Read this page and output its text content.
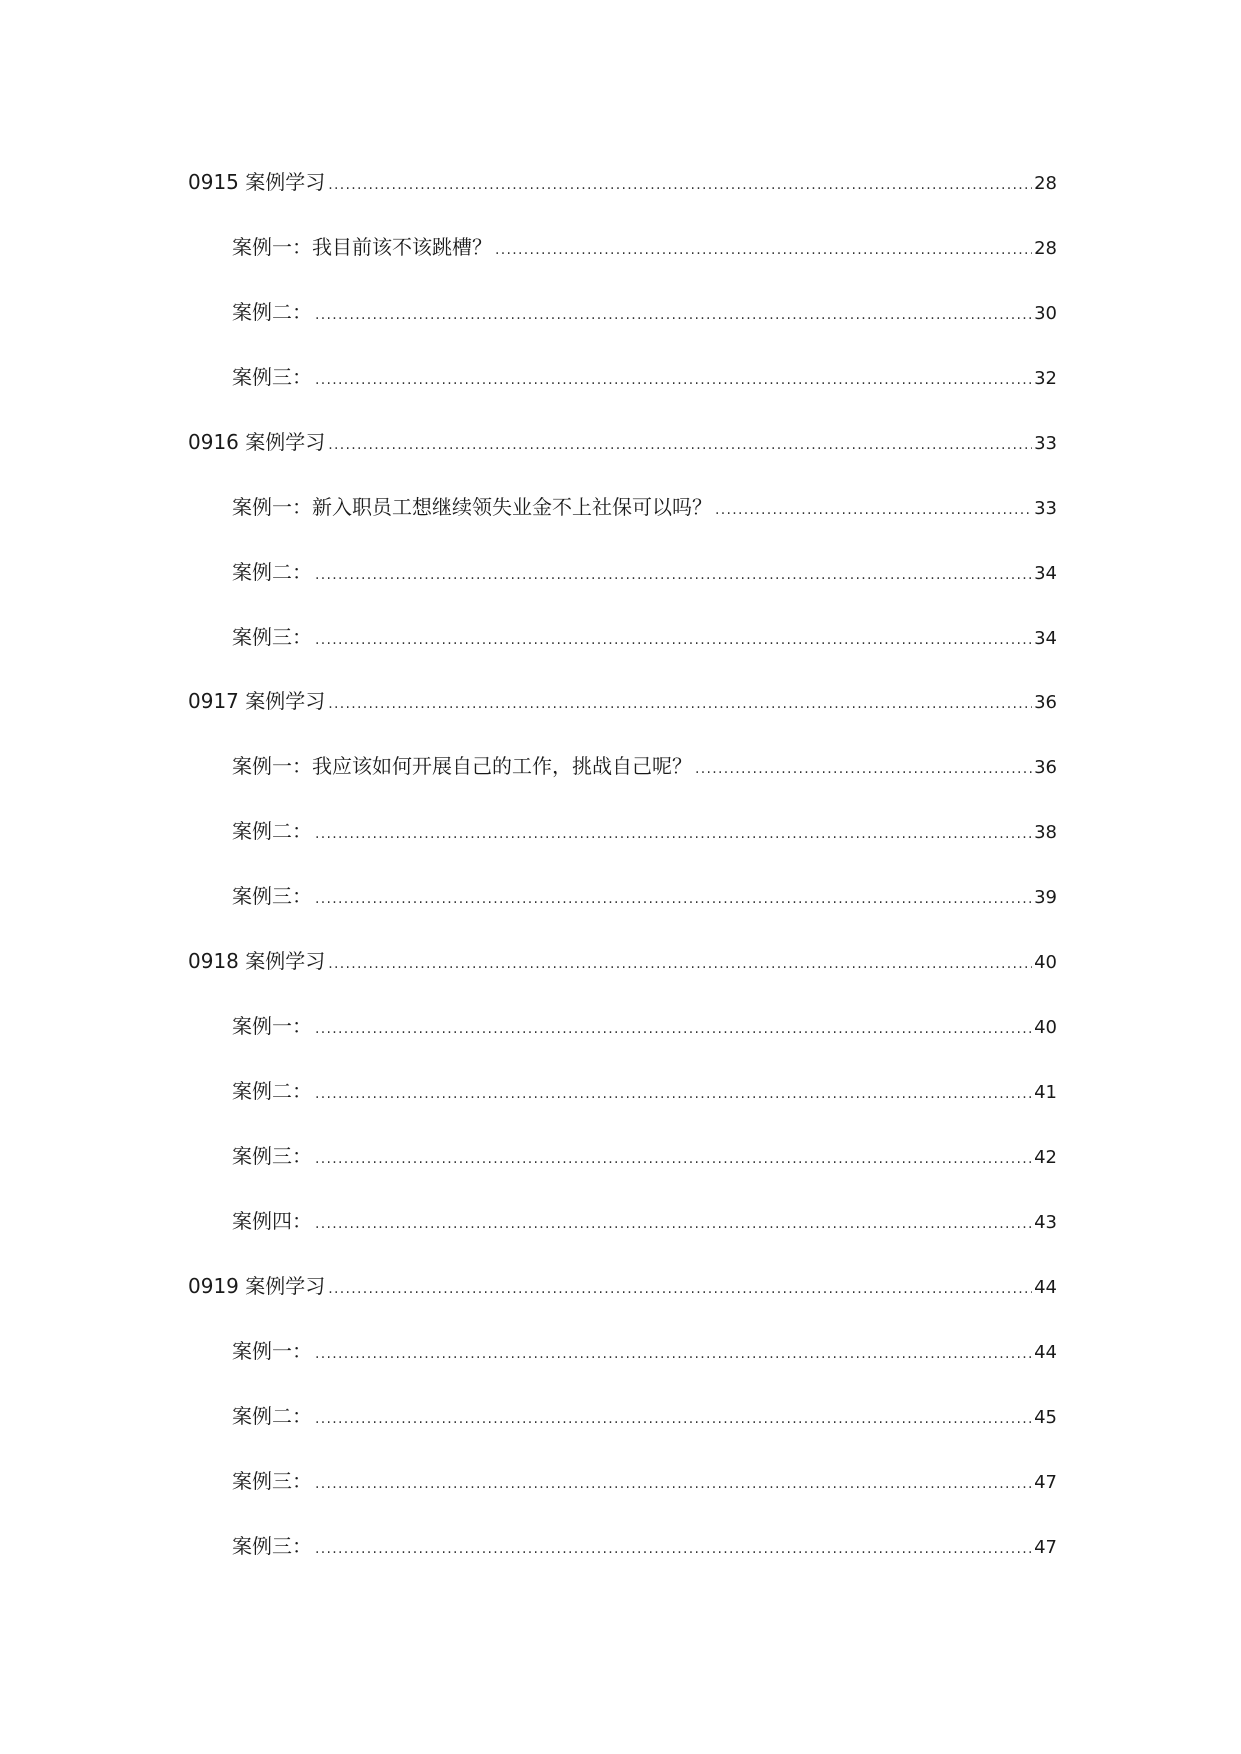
0915 案例学习 .....	28
案例一：我目前该不该跳槽？ .....	28
案例二： .....	30
案例三： .....	32
0916 案例学习 .....	33
案例一：新入职员工想继续领失业金不上社保可以吗？ .....	33
案例二： .....	34
案例三： .....	34
0917 案例学习 .....	36
案例一：我应该如何开展自己的工作，挑战自己呢？ .....	36
案例二： .....	38
案例三： .....	39
0918 案例学习 .....	40
案例一： .....	40
案例二： .....	41
案例三： .....	42
案例四： .....	43
0919 案例学习 .....	44
案例一： .....	44
案例二： .....	45
案例三： .....	47
案例三： .....	47
